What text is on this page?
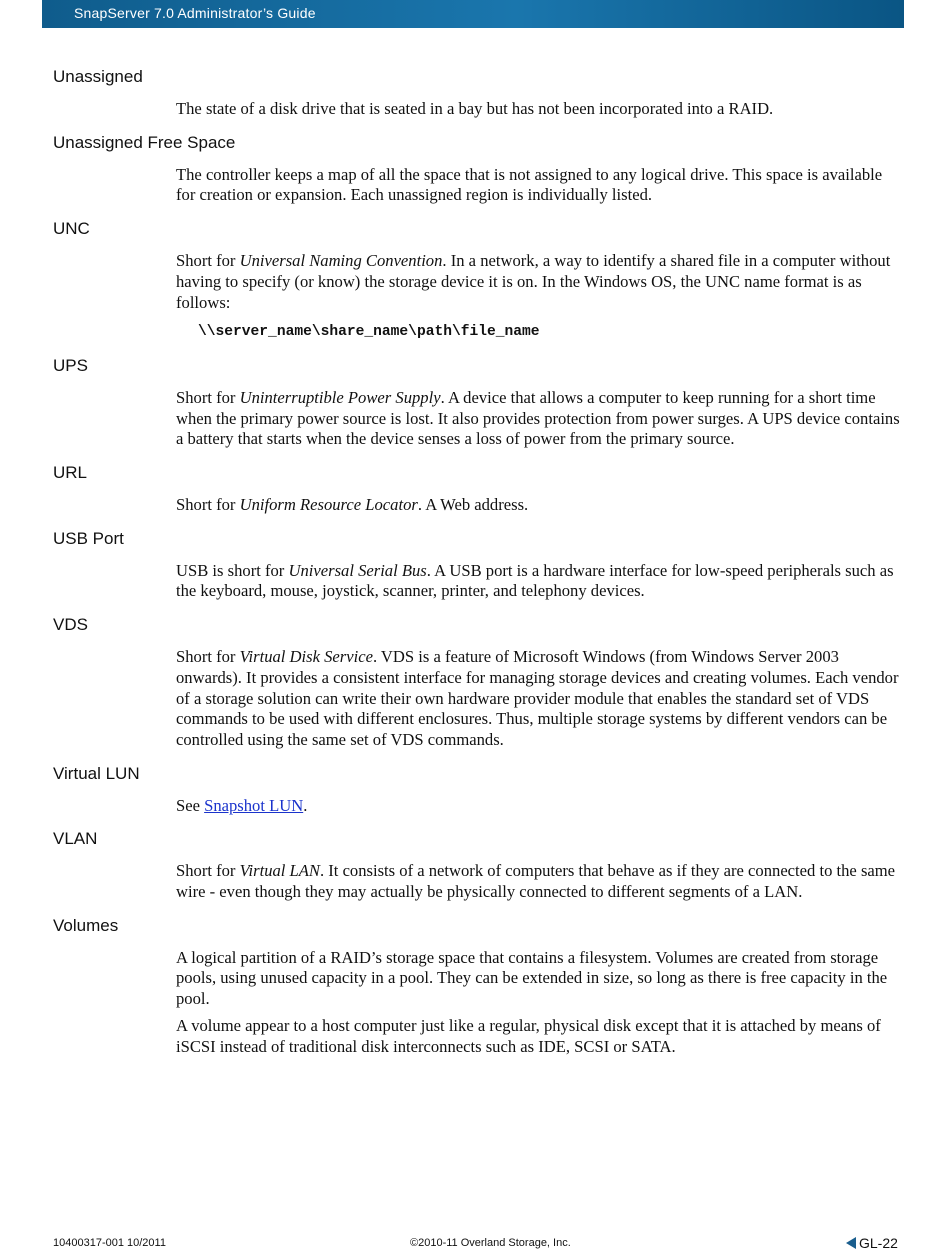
SnapServer 7.0 Administrator’s Guide
Unassigned

The state of a disk drive that is seated in a bay but has not been incorporated into a RAID.

Unassigned Free Space

The controller keeps a map of all the space that is not assigned to any logical drive. This space is available for creation or expansion. Each unassigned region is individually listed.

UNC

Short for Universal Naming Convention. In a network, a way to identify a shared file in a computer without having to specify (or know) the storage device it is on. In the Windows OS, the UNC name format is as follows:

\\server_name\share_name\path\file_name
UPS

Short for Uninterruptible Power Supply. A device that allows a computer to keep running for a short time when the primary power source is lost. It also provides protection from power surges. A UPS device contains a battery that starts when the device senses a loss of power from the primary source.

URL

Short for Uniform Resource Locator. A Web address.

USB Port

USB is short for Universal Serial Bus. A USB port is a hardware interface for low-speed peripherals such as the keyboard, mouse, joystick, scanner, printer, and telephony devices.

VDS

Short for Virtual Disk Service. VDS is a feature of Microsoft Windows (from Windows Server 2003 onwards). It provides a consistent interface for managing storage devices and creating volumes. Each vendor of a storage solution can write their own hardware provider module that enables the standard set of VDS commands to be used with different enclosures. Thus, multiple storage systems by different vendors can be controlled using the same set of VDS commands.

Virtual LUN

See Snapshot LUN.

VLAN

Short for Virtual LAN. It consists of a network of computers that behave as if they are connected to the same wire - even though they may actually be physically connected to different segments of a LAN.

Volumes

A logical partition of a RAID’s storage space that contains a filesystem. Volumes are created from storage pools, using unused capacity in a pool. They can be extended in size, so long as there is free capacity in the pool.

A volume appear to a host computer just like a regular, physical disk except that it is attached by means of iSCSI instead of traditional disk interconnects such as IDE, SCSI or SATA.

10400317-001 10/2011	©2010-11 Overland Storage, Inc.	GL-22
